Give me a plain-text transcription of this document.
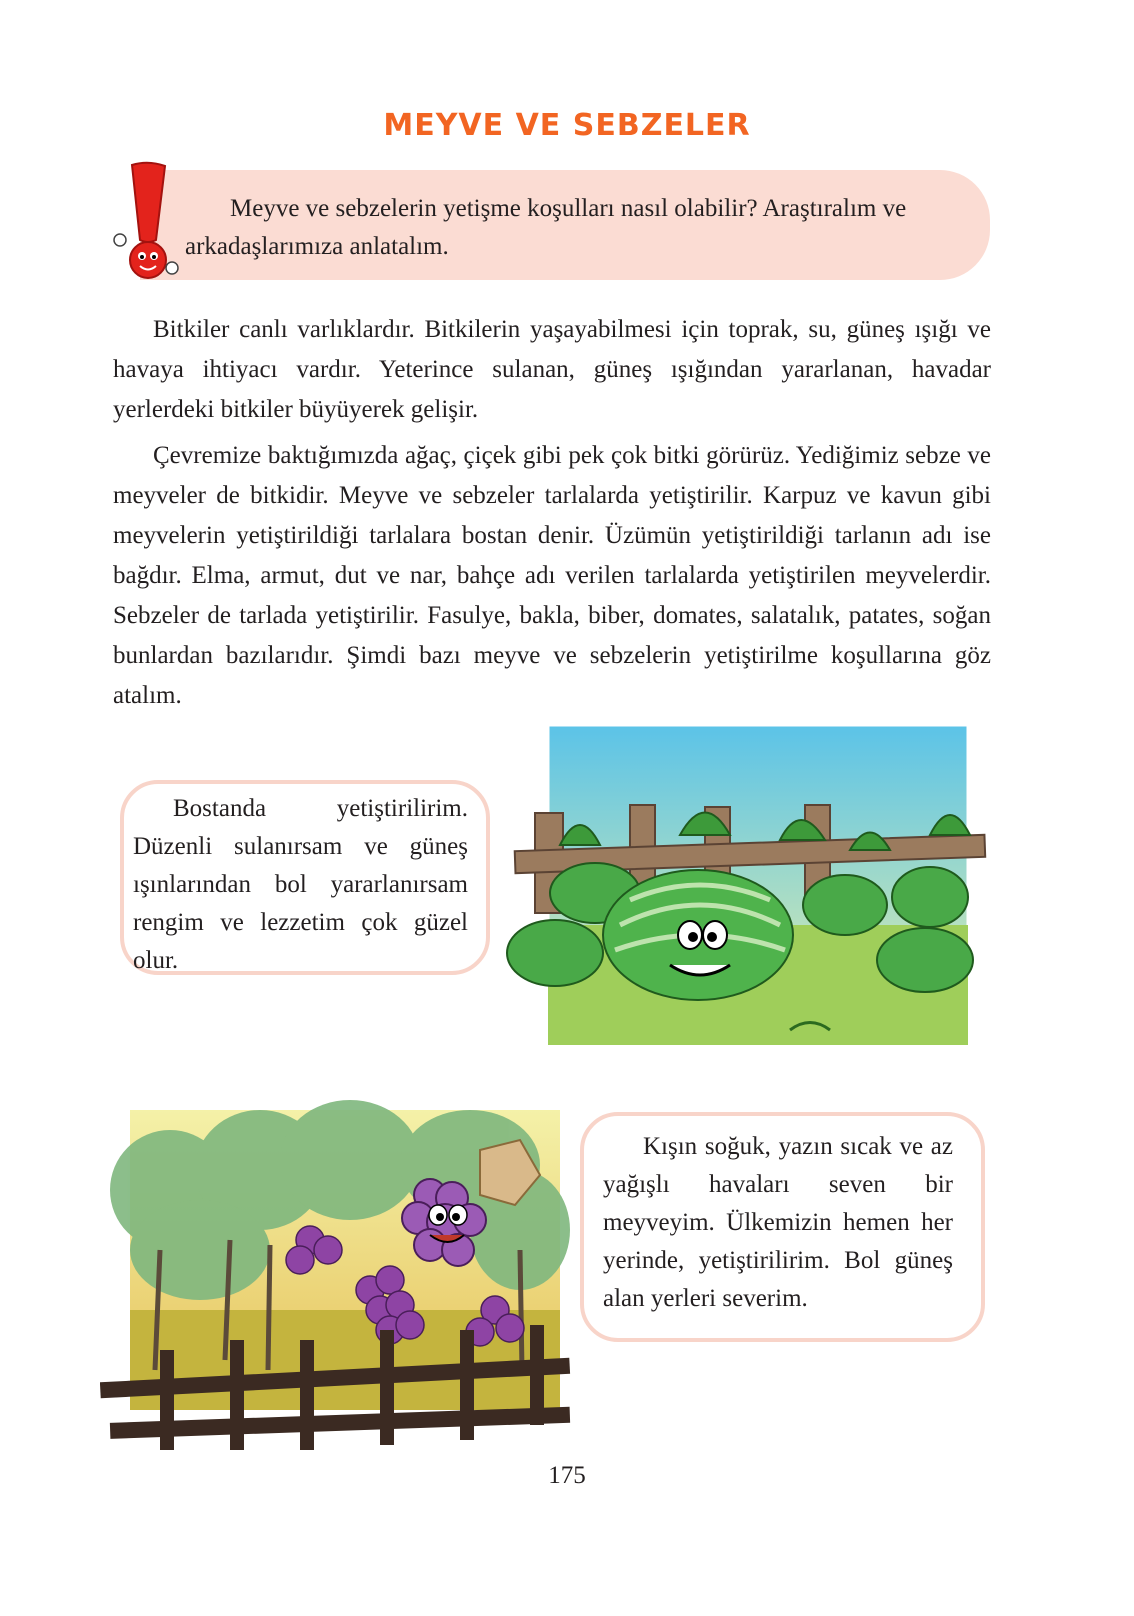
MEYVE VE SEBZELER

Meyve ve sebzelerin yetişme koşulları nasıl olabilir? Araştıralım ve arkadaşlarımıza anlatalım.

Bitkiler canlı varlıklardır. Bitkilerin yaşayabilmesi için toprak, su, güneş ışığı ve havaya ihtiyacı vardır. Yeterince sulanan, güneş ışığından yararlanan, havadar yerlerdeki bitkiler büyüyerek gelişir.

Çevremize baktığımızda ağaç, çiçek gibi pek çok bitki görürüz. Yediğimiz sebze ve meyveler de bitkidir. Meyve ve sebzeler tarlalarda yetiştirilir. Karpuz ve kavun gibi meyvelerin yetiştirildiği tarlalara bostan denir. Üzümün yetiştirildiği tarlanın adı ise bağdır. Elma, armut, dut ve nar, bahçe adı verilen tarlalarda yetiştirilen meyvelerdir. Sebzeler de tarlada yetiştirilir. Fasulye, bakla, biber, domates, salatalık, patates, soğan bunlardan bazılarıdır. Şimdi bazı meyve ve sebzelerin yetiştirilme koşullarına göz atalım.

Bostanda yetiştirilirim. Düzenli sulanırsam ve güneş ışınlarından bol yararlanırsam rengim ve lezzetim çok güzel olur.

Kışın soğuk, yazın sıcak ve az yağışlı havaları seven bir meyveyim. Ülkemizin hemen her yerinde, yetiştirilirim. Bol güneş alan yerleri severim.

175
